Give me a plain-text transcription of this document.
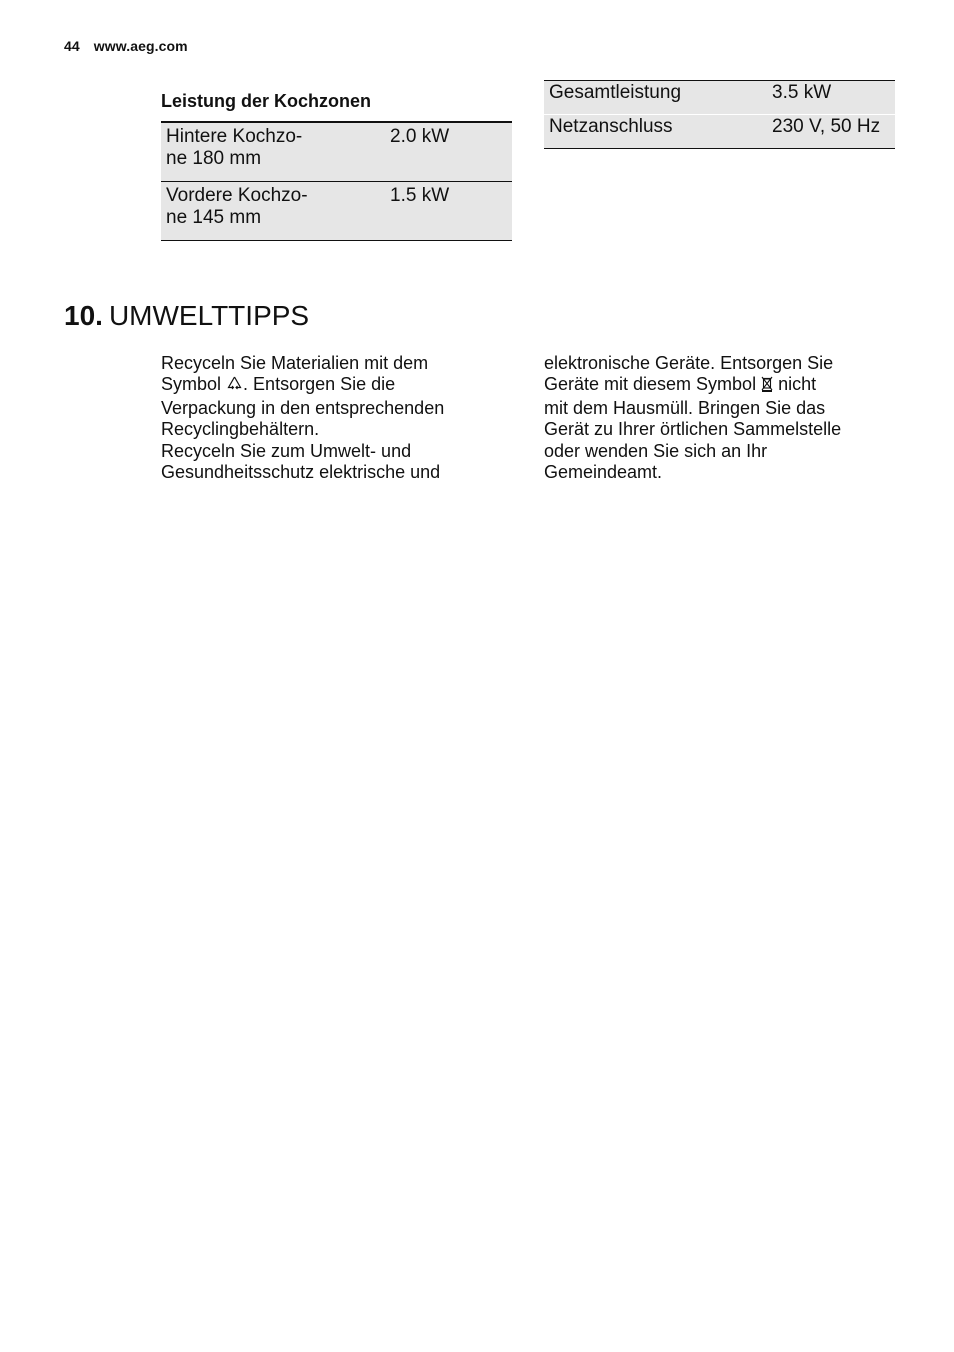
44 www.aeg.com
Leistung der Kochzonen
Hintere Kochzo-
ne 180 mm	2.0 kW
Vordere Kochzo-
ne 145 mm	1.5 kW
Gesamtleistung	3.5 kW
Netzanschluss	230 V, 50 Hz
10. UMWELTTIPPS

Recyceln Sie Materialien mit dem

Symbol . Entsorgen Sie die

Verpackung in den entsprechenden

Recyclingbehältern.

Recyceln Sie zum Umwelt- und

Gesundheitsschutz elektrische und

elektronische Geräte. Entsorgen Sie

Geräte mit diesem Symbol nicht

mit dem Hausmüll. Bringen Sie das

Gerät zu Ihrer örtlichen Sammelstelle

oder wenden Sie sich an Ihr

Gemeindeamt.
